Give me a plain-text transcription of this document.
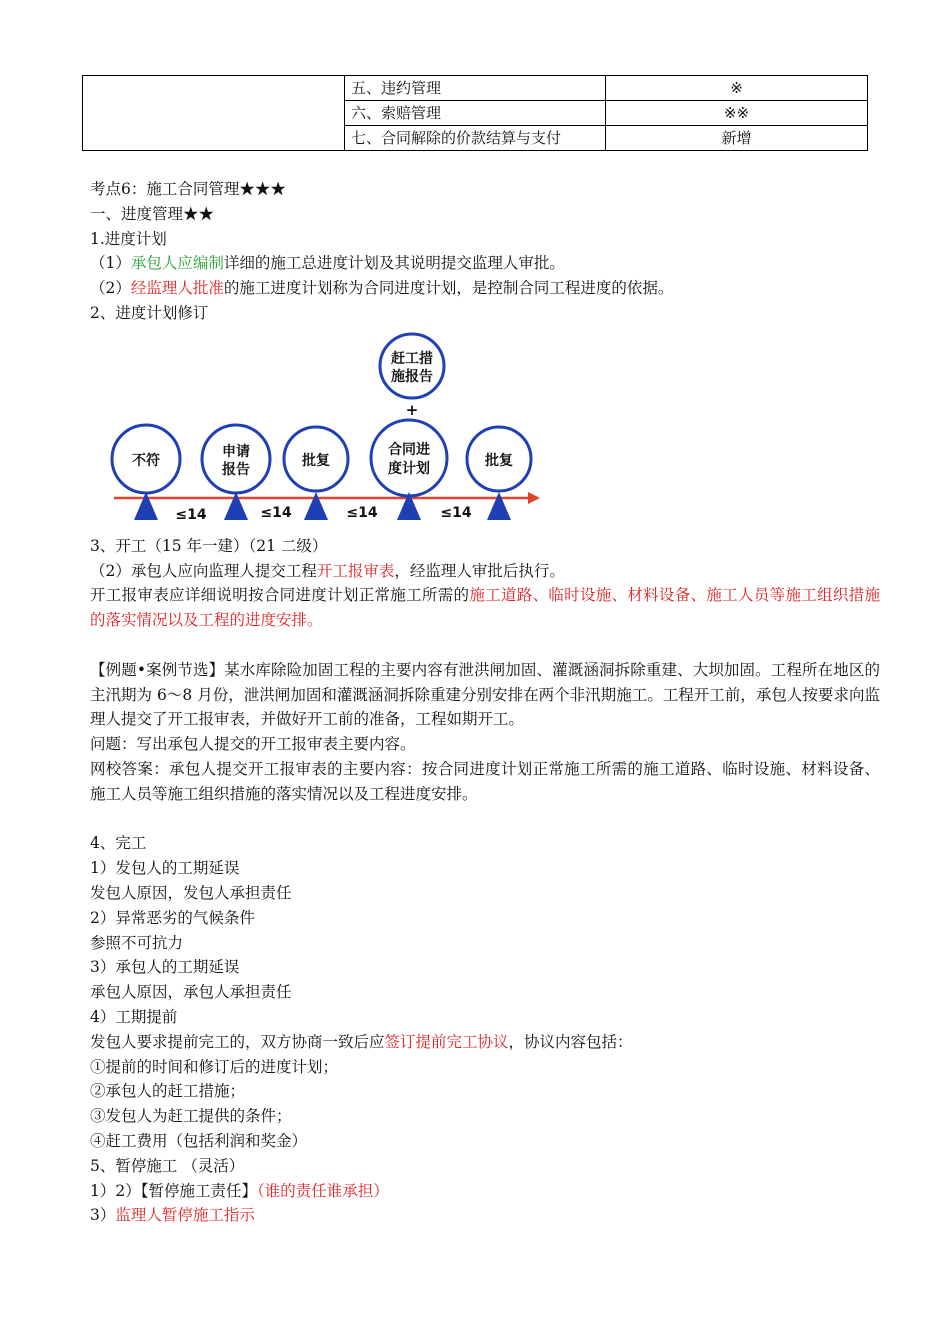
	五、违约管理	※
	六、索赔管理	※※
	七、合同解除的价款结算与支付	新增

考点6：施工合同管理★★★

一、进度管理★★

1.进度计划

（1）承包人应编制详细的施工总进度计划及其说明提交监理人审批。

（2）经监理人批准的施工进度计划称为合同进度计划，是控制合同工程进度的依据。

2、进度计划修订

赶工措
施报告
+
不符
申请
报告
批复
合同进
度计划	批复
≤14	≤14	≤14	≤14

3、开工（15 年一建）（21 二级）

（2）承包人应向监理人提交工程开工报审表，经监理人审批后执行。

开工报审表应详细说明按合同进度计划正常施工所需的施工道路、临时设施、材料设备、施工人员等施工组织措施的落实情况以及工程的进度安排。

【例题•案例节选】某水库除险加固工程的主要内容有泄洪闸加固、灌溉涵洞拆除重建、大坝加固。工程所在地区的主汛期为 6～8 月份，泄洪闸加固和灌溉涵洞拆除重建分别安排在两个非汛期施工。工程开工前，承包人按要求向监理人提交了开工报审表，并做好开工前的准备，工程如期开工。

问题：写出承包人提交的开工报审表主要内容。

网校答案：承包人提交开工报审表的主要内容：按合同进度计划正常施工所需的施工道路、临时设施、材料设备、施工人员等施工组织措施的落实情况以及工程进度安排。

4、完工

1）发包人的工期延误

发包人原因，发包人承担责任

2）异常恶劣的气候条件

参照不可抗力

3）承包人的工期延误

承包人原因，承包人承担责任

4）工期提前

发包人要求提前完工的，双方协商一致后应签订提前完工协议，协议内容包括：

①提前的时间和修订后的进度计划；

②承包人的赶工措施；

③发包人为赶工提供的条件；

④赶工费用（包括利润和奖金）

5、暂停施工 （灵活）

1）2）【暂停施工责任】（谁的责任谁承担）

3）监理人暂停施工指示
